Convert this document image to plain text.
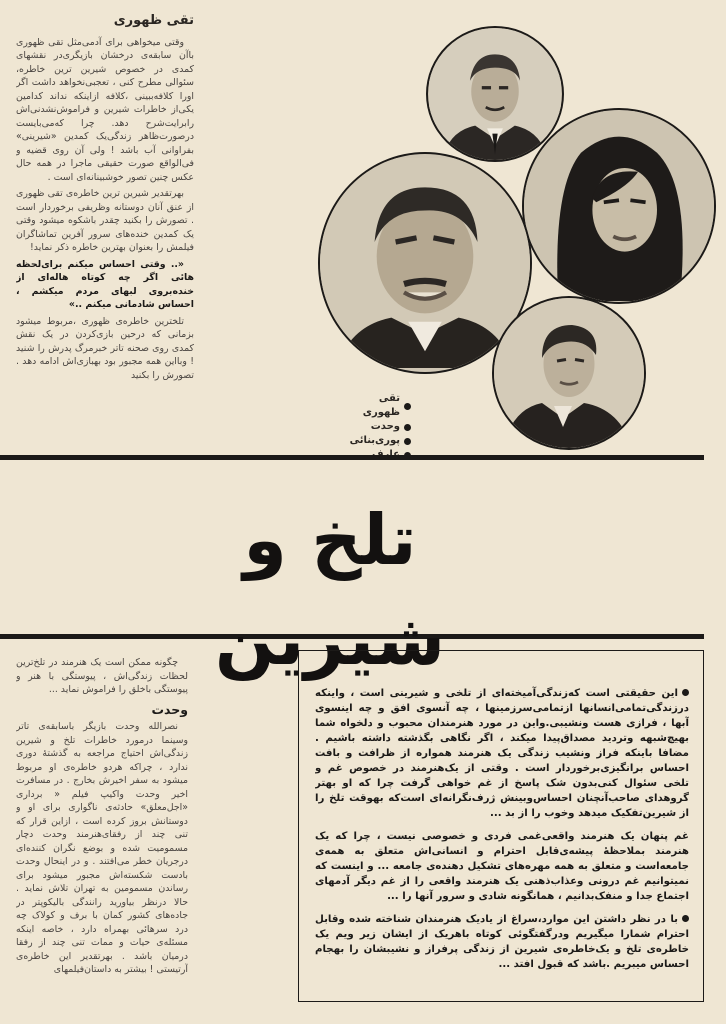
تقی ظهوری

وقتی میخواهی برای آدمی‌مثل تقی ظهوری باآن سابقه‌ی درخشان بازیگری‌در نقشهای کمدی در خصوص شیرین ترین خاطره، سئوالی مطرح کنی ، تعجبی‌نخواهد داشت اگر اورا کلافه‌ببینی ،کلافه ازاینکه نداند کدامین یکی‌از خاطرات شیرین و فراموش‌نشدنی‌اش رابرایت‌شرح دهد. چرا که‌می‌بایست درصورت‌ظاهر زندگی‌یک کمدین «شیرینی» بفراوانی آب باشد ! ولی آن روی قضیه و فی‌الواقع صورت حقیقی ماجرا در همه حال عکس چنین تصور خوشبینانه‌ای است .

بهرتقدیر شیرین ترین خاطره‌ی تقی ظهوری از عنق آنان دوستانه وظریفی برخوردار است . تصورش را بکنید چقدر باشکوه میشود وقتی یک کمدین خنده‌های سرور آفرین تماشاگران فیلمش را بعنوان بهترین خاطره ذکر نماید!

«.. وقتی احساس میکنم برای‌لحظه هائی اگر چه کوتاه هاله‌ای از خنده‌بروی لبهای مردم میکشم ، احساس شادمانی میکنم ..»

تلخترین خاطره‌ی ظهوری ،مربوط میشود بزمانی که درحین بازی‌کردن در یک نقش کمدی روی صحنه تاتر خبرمرگ پدرش را شنید ! وبااین همه مجبور بود بهبازی‌اش ادامه دهد . تصورش را بکنید

تقی ظهوری
وحدت
پوری‌بنائی
تلخ و شیرین

چگونه ممکن است یک هنرمند در تلخ‌ترین لحظات زندگی‌اش ، پیوستگی با هنر و پیوستگی باخلق را فراموش نماید ...

وحدت

نصرالله وحدت بازیگر باسابقه‌ی تاتر وسینما درمورد خاطرات تلخ و شیرین زندگی‌اش احتیاج مراجعه به گذشتهٔ دوری ندارد ، چراکه هردو خاطره‌ی او مربوط میشود به سفر اخیرش بخارج . در مسافرت اخیر وحدت واکیپ فیلم « برداری «اجل‌معلق» حادثه‌ی ناگواری برای او و دوستانش بروز کرده است ، ازاین قرار که تنی چند از رفقای‌هنرمند وحدت دچار مسمومیت شده و بوضع نگران کننده‌ای درجریان خطر می‌افتند . و در اینحال وحدت بادست شکسته‌اش مجبور میشود برای رساندن مسمومین به تهران تلاش نماید . حالا درنظر بیاورید رانندگی بالیکوپتر در جاده‌های کشور کمان با برف و کولاک چه درد سرهائی بهمراه دارد ، خاصه اینکه مسئله‌ی حیات و ممات تنی چند از رفقا درمیان باشد . بهرتقدیر این خاطره‌ی آرتیستی ! بیشتر به داستان‌فیلمهای

این حقیقتی است که‌زندگی‌آمیخته‌ای از تلخی و شیرینی است ، واینکه درزندگی‌تمامی‌انسانها ازتمامی‌سرزمینها ، چه آنسوی افق و چه اینسوی آبها ، فرازی هست ونشیبی.واین در مورد هنرمندان محبوب و دلخواه شما بهیچ‌شبهه وتردید مصداق‌پیدا میکند ، اگر نگاهی بگذشته داشته باشیم . مضافا باینکه فراز ونشیب زندگی یک هنرمند همواره از ظرافت و بافت احساس برانگیزی‌برخوردار است . وقتی از یک‌هنرمند در خصوص غم و تلخی سئوال کنی‌بدون شک پاسخ از غم خواهی گرفت چرا که او بهتر گروهدای صاحب‌آنچنان احساس‌وبینش ژرف‌نگرانه‌ای است‌که بهوقت تلخ را از شیرین‌تفکیک میدهد وخوب را از بد ...

غم پنهان یک هنرمند واقعی‌غمی فردی و خصوصی نیست ، چرا که یک هنرمند بملاحظهٔ پیشه‌ی‌قابل احترام و انسانی‌اش متعلق به همه‌ی جامعه‌است و متعلق به همه مهره‌های تشکیل دهنده‌ی جامعه ... و اینست که نمیتوانیم غم درونی وعذاب‌ذهنی یک هنرمند واقعی را از غم دیگر آدمهای اجتماع جدا و منفک‌بدانیم ، همانگونه شادی و سرور آنها را ...

با در نظر داشتن این موارد،سراغ از یاد‌یک هنرمندان شناخته شده وقابل احترام شمارا میگیریم ودرگفتگوئی کوتاه باهریک از ایشان زیر ویم یک خاطره‌ی تلخ و یک‌خاطره‌ی شیرین از زندگی پرفراز و نشیبشان را بهجام احساس میبریم .باشد که قبول افتد ...
